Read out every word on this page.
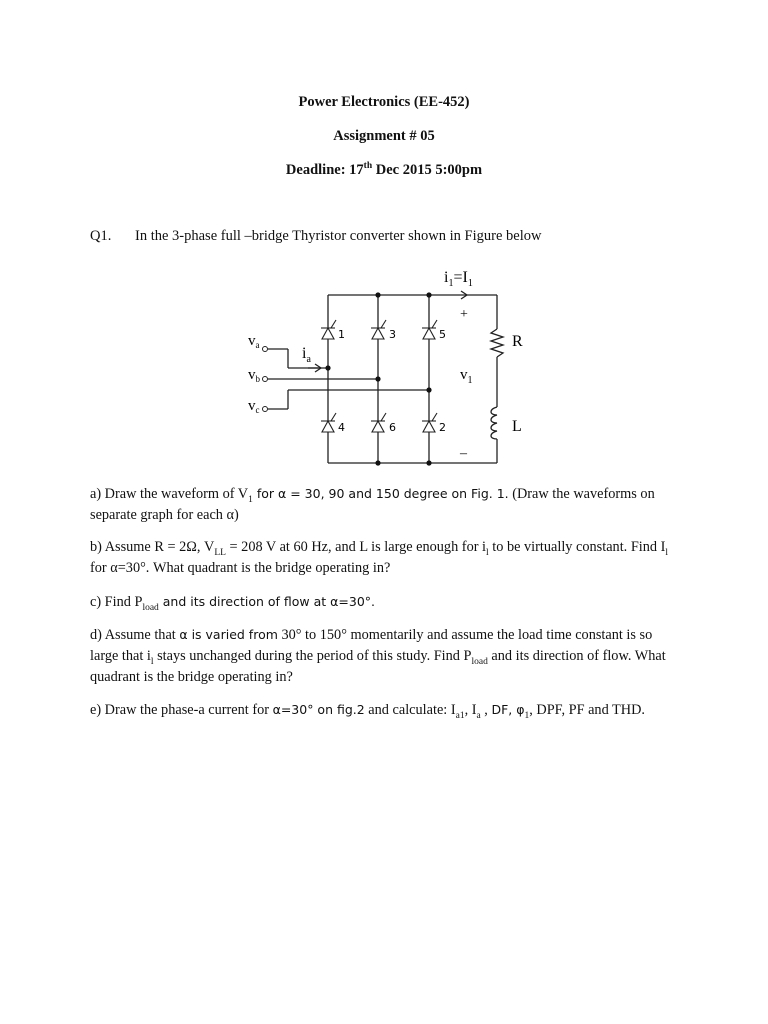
Power Electronics (EE-452)
Assignment # 05
Deadline: 17th Dec 2015 5:00pm
Q1. In the 3-phase full –bridge Thyristor converter shown in Figure below
1	3	5
4	6	2
$i_1=I_1$
+
–
$v_1$
R
L
$v_a$
$v_b$
$v_c$
$i_a$
a) Draw the waveform of $V_1$ for α = 30, 90 and 150 degree on Fig. 1. (Draw the waveforms on separate graph for each α)
b) Assume R = 2Ω, $V_{LL} = 208$ V at 60 Hz, and L is large enough for $i_l$ to be virtually constant. Find $I_l$ for α=30°. What quadrant is the bridge operating in?
c) Find $P_{load}$ and its direction of flow at α=30°.
d) Assume that α is varied from 30° to 150° momentarily and assume the load time constant is so large that $i_l$ stays unchanged during the period of this study. Find $P_{load}$ and its direction of flow. What quadrant is the bridge operating in?
e) Draw the phase-a current for α=30° on fig.2 and calculate: $I_{a1}$, $I_a$ , DF, $\varphi_1$, DPF, PF and THD.
